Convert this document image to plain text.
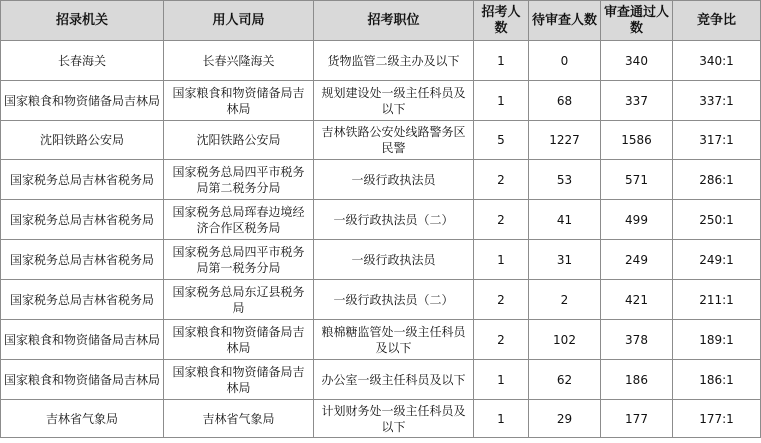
招录机关	用人司局	招考职位	招考人数	待审查人数	审查通过人数	竞争比
长春海关	长春兴隆海关	货物监管二级主办及以下	1	0	340	340:1
国家粮食和物资储备局吉林局	国家粮食和物资储备局吉林局	规划建设处一级主任科员及以下	1	68	337	337:1
沈阳铁路公安局	沈阳铁路公安局	吉林铁路公安处线路警务区民警	5	1227	1586	317:1
国家税务总局吉林省税务局	国家税务总局四平市税务局第二税务分局	一级行政执法员	2	53	571	286:1
国家税务总局吉林省税务局	国家税务总局珲春边境经济合作区税务局	一级行政执法员（二）	2	41	499	250:1
国家税务总局吉林省税务局	国家税务总局四平市税务局第一税务分局	一级行政执法员	1	31	249	249:1
国家税务总局吉林省税务局	国家税务总局东辽县税务局	一级行政执法员（二）	2	2	421	211:1
国家粮食和物资储备局吉林局	国家粮食和物资储备局吉林局	粮棉糖监管处一级主任科员及以下	2	102	378	189:1
国家粮食和物资储备局吉林局	国家粮食和物资储备局吉林局	办公室一级主任科员及以下	1	62	186	186:1
吉林省气象局	吉林省气象局	计划财务处一级主任科员及以下	1	29	177	177:1
